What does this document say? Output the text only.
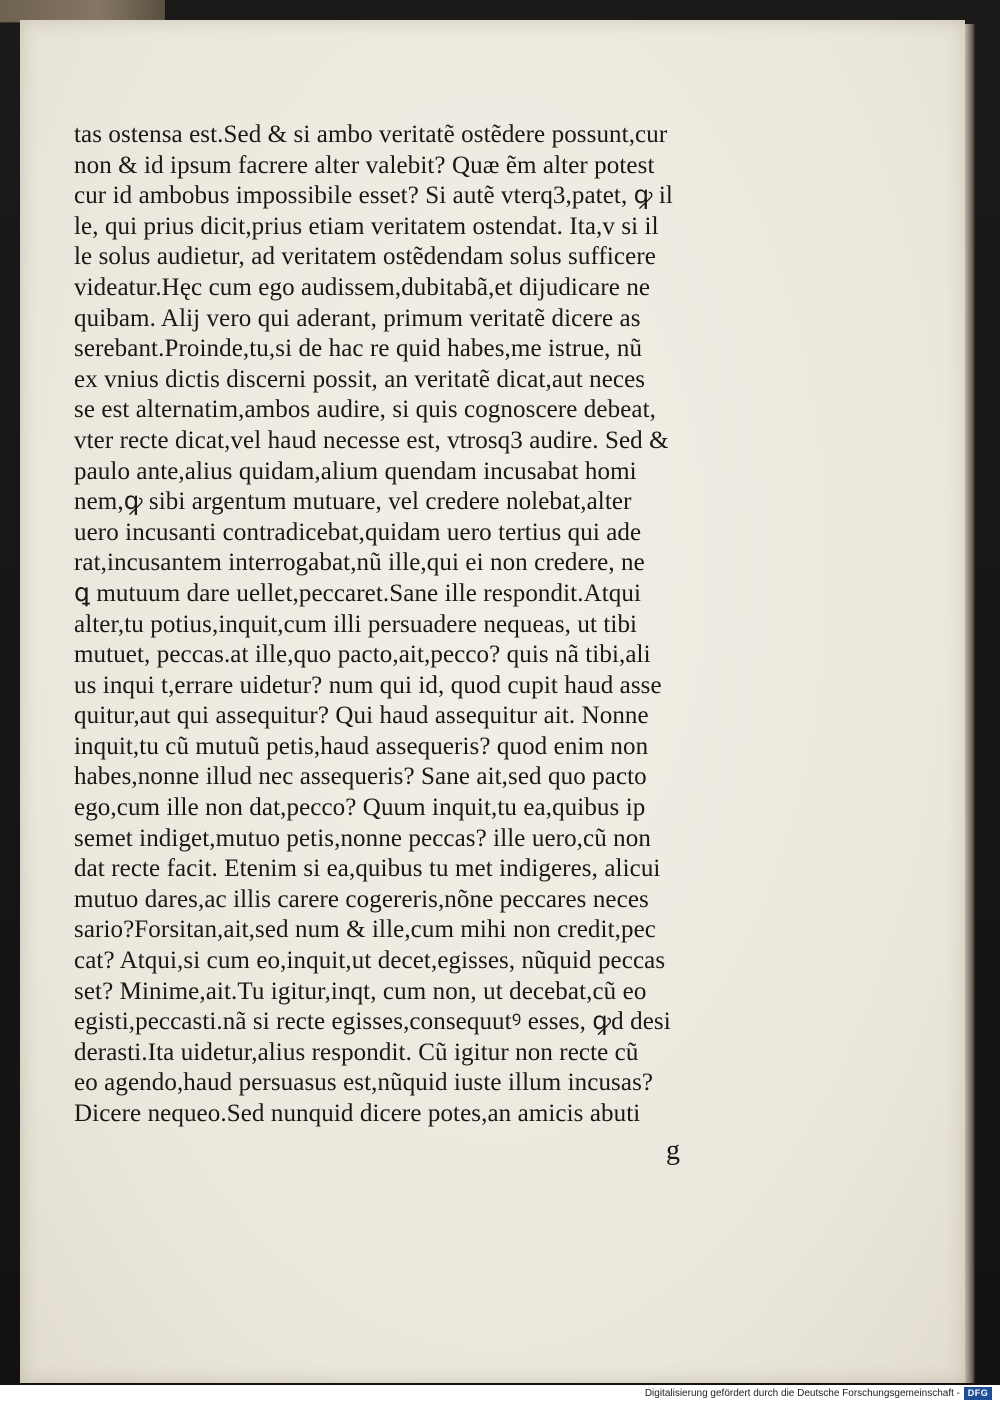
tas ostensa est.Sed & si ambo veritatẽ ostẽdere possunt,cur
non & id ipsum facrere alter valebit? Quæ ẽm alter potest
cur id ambobus impossibile esset? Si autẽ vterq3,patet, ꝙ il
le, qui prius dicit,prius etiam veritatem ostendat. Ita,v si il
le solus audietur, ad veritatem ostẽdendam solus sufficere
videatur.Hęc cum ego audissem,dubitabã,et dijudicare ne
quibam. Alij vero qui aderant, primum veritatẽ dicere as
serebant.Proinde,tu,si de hac re quid habes,me istrue, nũ
ex vnius dictis discerni possit, an veritatẽ dicat,aut neces
se est alternatim,ambos audire, si quis cognoscere debeat,
vter recte dicat,vel haud necesse est, vtrosq3 audire. Sed &
paulo ante,alius quidam,alium quendam incusabat homi
nem,ꝙ sibi argentum mutuare, vel credere nolebat,alter
uero incusanti contradicebat,quidam uero tertius qui ade
rat,incusantem interrogabat,nũ ille,qui ei non credere, ne
ꝗ mutuum dare uellet,peccaret.Sane ille respondit.Atqui
alter,tu potius,inquit,cum illi persuadere nequeas, ut tibi
mutuet, peccas.at ille,quo pacto,ait,pecco? quis nã tibi,ali
us inqui t,errare uidetur? num qui id, quod cupit haud asse
quitur,aut qui assequitur? Qui haud assequitur ait. Nonne
inquit,tu cũ mutuũ petis,haud assequeris? quod enim non
habes,nonne illud nec assequeris? Sane ait,sed quo pacto
ego,cum ille non dat,pecco? Quum inquit,tu ea,quibus ip
semet indiget,mutuo petis,nonne peccas? ille uero,cũ non
dat recte facit. Etenim si ea,quibus tu met indigeres, alicui
mutuo dares,ac illis carere cogereris,nõne peccares neces
sario?Forsitan,ait,sed num & ille,cum mihi non credit,pec
cat? Atqui,si cum eo,inquit,ut decet,egisses, nũquid peccas
set? Minime,ait.Tu igitur,inqt, cum non, ut decebat,cũ eo
egisti,peccasti.nã si recte egisses,consequutꝰ esses, ꝙd desi
derasti.Ita uidetur,alius respondit. Cũ igitur non recte cũ
eo agendo,haud persuasus est,nũquid iuste illum incusas?
Dicere nequeo.Sed nunquid dicere potes,an amicis abuti
g
Digitalisierung gefördert durch die Deutsche Forschungsgemeinschaft - DFG
